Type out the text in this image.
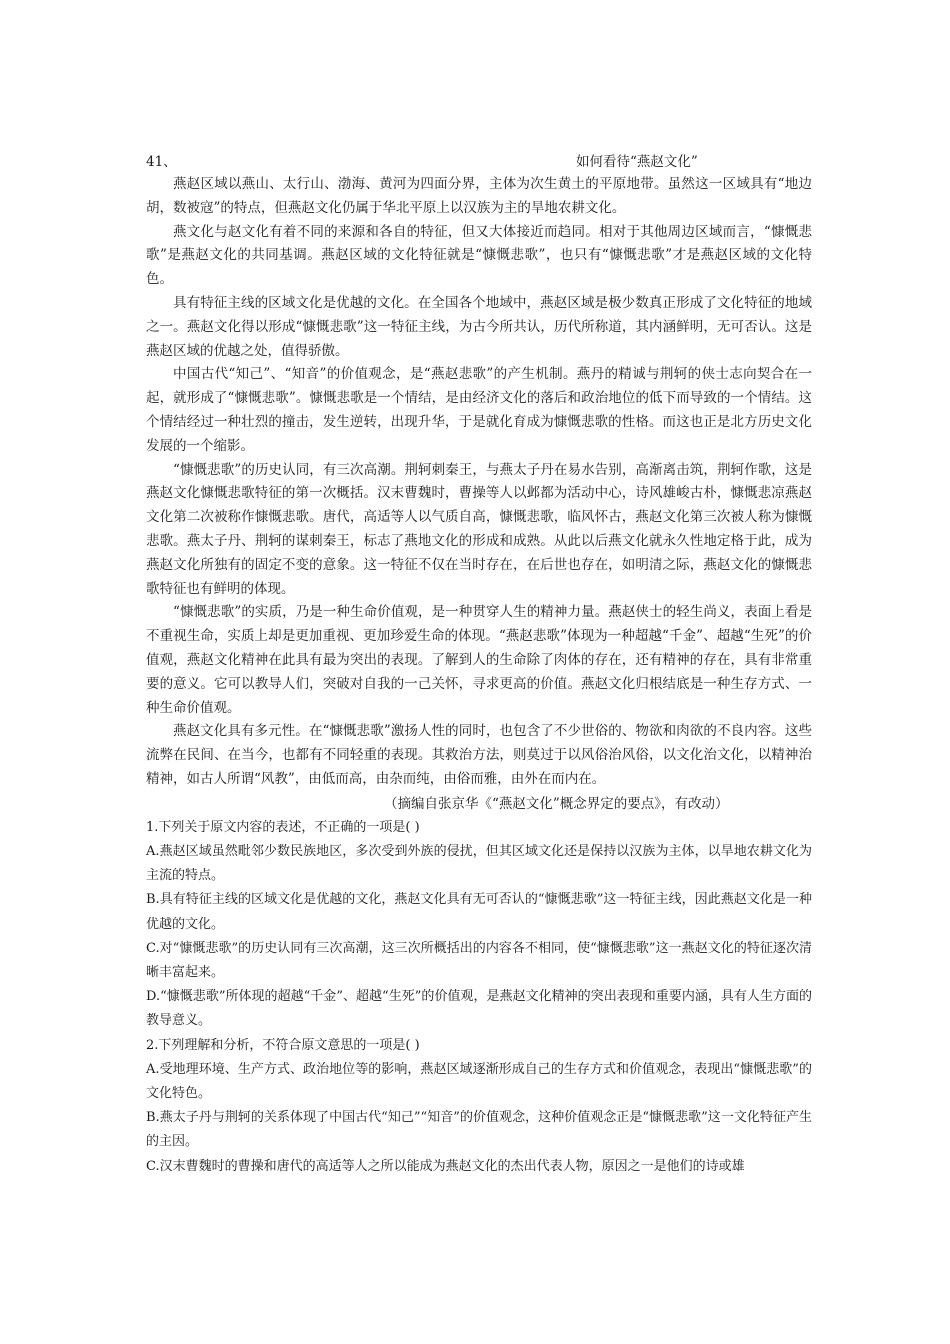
41、	如何看待“燕赵文化”

燕赵区域以燕山、太行山、渤海、黄河为四面分界，主体为次生黄土的平原地带。虽然这一区域具有“地边胡，数被寇”的特点，但燕赵文化仍属于华北平原上以汉族为主的旱地农耕文化。

燕文化与赵文化有着不同的来源和各自的特征，但又大体接近而趋同。相对于其他周边区域而言，“慷慨悲歌”是燕赵文化的共同基调。燕赵区域的文化特征就是“慷慨悲歌”，也只有“慷慨悲歌”才是燕赵区域的文化特色。

具有特征主线的区域文化是优越的文化。在全国各个地域中，燕赵区域是极少数真正形成了文化特征的地域之一。燕赵文化得以形成“慷慨悲歌”这一特征主线，为古今所共认，历代所称道，其内涵鲜明，无可否认。这是燕赵区域的优越之处，值得骄傲。

中国古代“知己”、“知音”的价值观念，是“燕赵悲歌”的产生机制。燕丹的精诚与荆轲的侠士志向契合在一起，就形成了“慷慨悲歌”。慷慨悲歌是一个情结，是由经济文化的落后和政治地位的低下而导致的一个情结。这个情结经过一种壮烈的撞击，发生逆转，出现升华，于是就化育成为慷慨悲歌的性格。而这也正是北方历史文化发展的一个缩影。

“慷慨悲歌”的历史认同，有三次高潮。荆轲刺秦王，与燕太子丹在易水告别，高渐离击筑，荆轲作歌，这是燕赵文化慷慨悲歌特征的第一次概括。汉末曹魏时，曹操等人以邺都为活动中心，诗风雄峻古朴，慷慨悲凉燕赵文化第二次被称作慷慨悲歌。唐代，高适等人以气质自高，慷慨悲歌，临风怀古，燕赵文化第三次被人称为慷慨悲歌。燕太子丹、荆轲的谋刺秦王，标志了燕地文化的形成和成熟。从此以后燕文化就永久性地定格于此，成为燕赵文化所独有的固定不变的意象。这一特征不仅在当时存在，在后世也存在，如明清之际，燕赵文化的慷慨悲歌特征也有鲜明的体现。

“慷慨悲歌”的实质，乃是一种生命价值观，是一种贯穿人生的精神力量。燕赵侠士的轻生尚义，表面上看是不重视生命，实质上却是更加重视、更加珍爱生命的体现。“燕赵悲歌”体现为一种超越“千金”、超越“生死”的价值观，燕赵文化精神在此具有最为突出的表现。了解到人的生命除了肉体的存在，还有精神的存在，具有非常重要的意义。它可以教导人们，突破对自我的一己关怀，寻求更高的价值。燕赵文化归根结底是一种生存方式、一种生命价值观。

燕赵文化具有多元性。在“慷慨悲歌”激扬人性的同时，也包含了不少世俗的、物欲和肉欲的不良内容。这些流弊在民间、在当今，也都有不同轻重的表现。其救治方法，则莫过于以风俗治风俗，以文化治文化，以精神治精神，如古人所谓“风教”，由低而高，由杂而纯，由俗而雅，由外在而内在。

（摘编自张京华《“燕赵文化”概念界定的要点》，有改动）

1.下列关于原文内容的表述，不正确的一项是( )

A.燕赵区域虽然毗邻少数民族地区，多次受到外族的侵扰，但其区域文化还是保持以汉族为主体，以旱地农耕文化为主流的特点。

B.具有特征主线的区域文化是优越的文化，燕赵文化具有无可否认的“慷慨悲歌”这一特征主线，因此燕赵文化是一种优越的文化。

C.对“慷慨悲歌”的历史认同有三次高潮，这三次所概括出的内容各不相同，使“慷慨悲歌”这一燕赵文化的特征逐次清晰丰富起来。

D.“慷慨悲歌”所体现的超越“千金”、超越“生死”的价值观，是燕赵文化精神的突出表现和重要内涵，具有人生方面的教导意义。

2.下列理解和分析，不符合原文意思的一项是( )

A.受地理环境、生产方式、政治地位等的影响，燕赵区域逐渐形成自己的生存方式和价值观念，表现出“慷慨悲歌”的文化特色。

B.燕太子丹与荆轲的关系体现了中国古代“知己”“知音”的价值观念，这种价值观念正是“慷慨悲歌”这一文化特征产生的主因。

C.汉末曹魏时的曹操和唐代的高适等人之所以能成为燕赵文化的杰出代表人物，原因之一是他们的诗或雄
